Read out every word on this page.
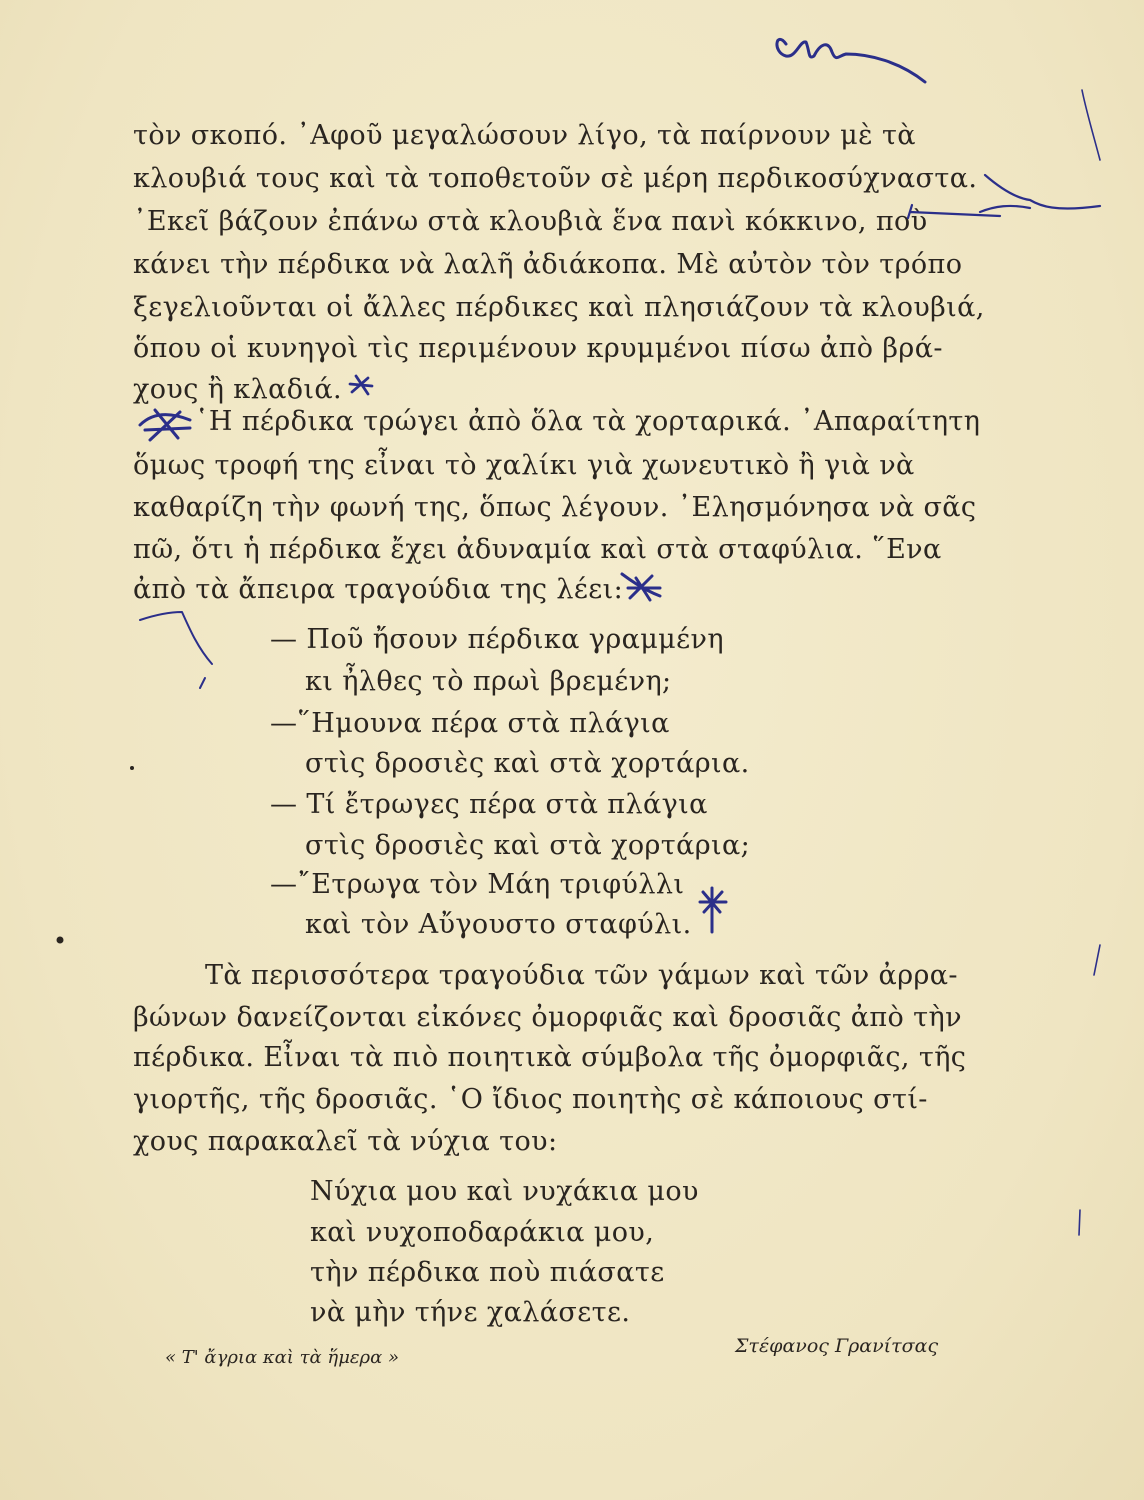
τὸν σκοπό. ᾿Αφοῦ μεγαλώσουν λίγο, τὰ παίρνουν μὲ τὰ
κλουβιά τους καὶ τὰ τοποθετοῦν σὲ μέρη περδικοσύχναστα.
᾿Εκεῖ βάζουν ἐπάνω στὰ κλουβιὰ ἕνα πανὶ κόκκινο, ποὺ
κάνει τὴν πέρδικα νὰ λαλῆ ἀδιάκοπα. Μὲ αὐτὸν τὸν τρόπο
ξεγελιοῦνται οἱ ἄλλες πέρδικες καὶ πλησιάζουν τὰ κλουβιά,
ὅπου οἱ κυνηγοὶ τὶς περιμένουν κρυμμένοι πίσω ἀπὸ βρά-
χους ἢ κλαδιά.
῾Η πέρδικα τρώγει ἀπὸ ὅλα τὰ χορταρικά. ᾿Απαραίτητη
ὅμως τροφή της εἶναι τὸ χαλίκι γιὰ χωνευτικὸ ἢ γιὰ νὰ
καθαρίζη τὴν φωνή της, ὅπως λέγουν. ᾿Ελησμόνησα νὰ σᾶς
πῶ, ὅτι ἡ πέρδικα ἔχει ἀδυναμία καὶ στὰ σταφύλια. ῞Ενα
ἀπὸ τὰ ἄπειρα τραγούδια της λέει:
— Ποῦ ἤσουν πέρδικα γραμμένη
κι ἦλθες τὸ πρωὶ βρεμένη;
—῞Ημουνα πέρα στὰ πλάγια
στὶς δροσιὲς καὶ στὰ χορτάρια.
— Τί ἔτρωγες πέρα στὰ πλάγια
στὶς δροσιὲς καὶ στὰ χορτάρια;
—῎Ετρωγα τὸν Μάη τριφύλλι
καὶ τὸν Αὔγουστο σταφύλι.
Τὰ περισσότερα τραγούδια τῶν γάμων καὶ τῶν ἀρρα-
βώνων δανείζονται εἰκόνες ὀμορφιᾶς καὶ δροσιᾶς ἀπὸ τὴν
πέρδικα. Εἶναι τὰ πιὸ ποιητικὰ σύμβολα τῆς ὀμορφιᾶς, τῆς
γιορτῆς, τῆς δροσιᾶς. ῾Ο ἴδιος ποιητὴς σὲ κάποιους στί-
χους παρακαλεῖ τὰ νύχια του:
Νύχια μου καὶ νυχάκια μου
καὶ νυχοποδαράκια μου,
τὴν πέρδικα ποὺ πιάσατε
νὰ μὴν τήνε χαλάσετε.
« Τ' ἄγρια καὶ τὰ ἥμερα »
Στέφανος Γρανίτσας
